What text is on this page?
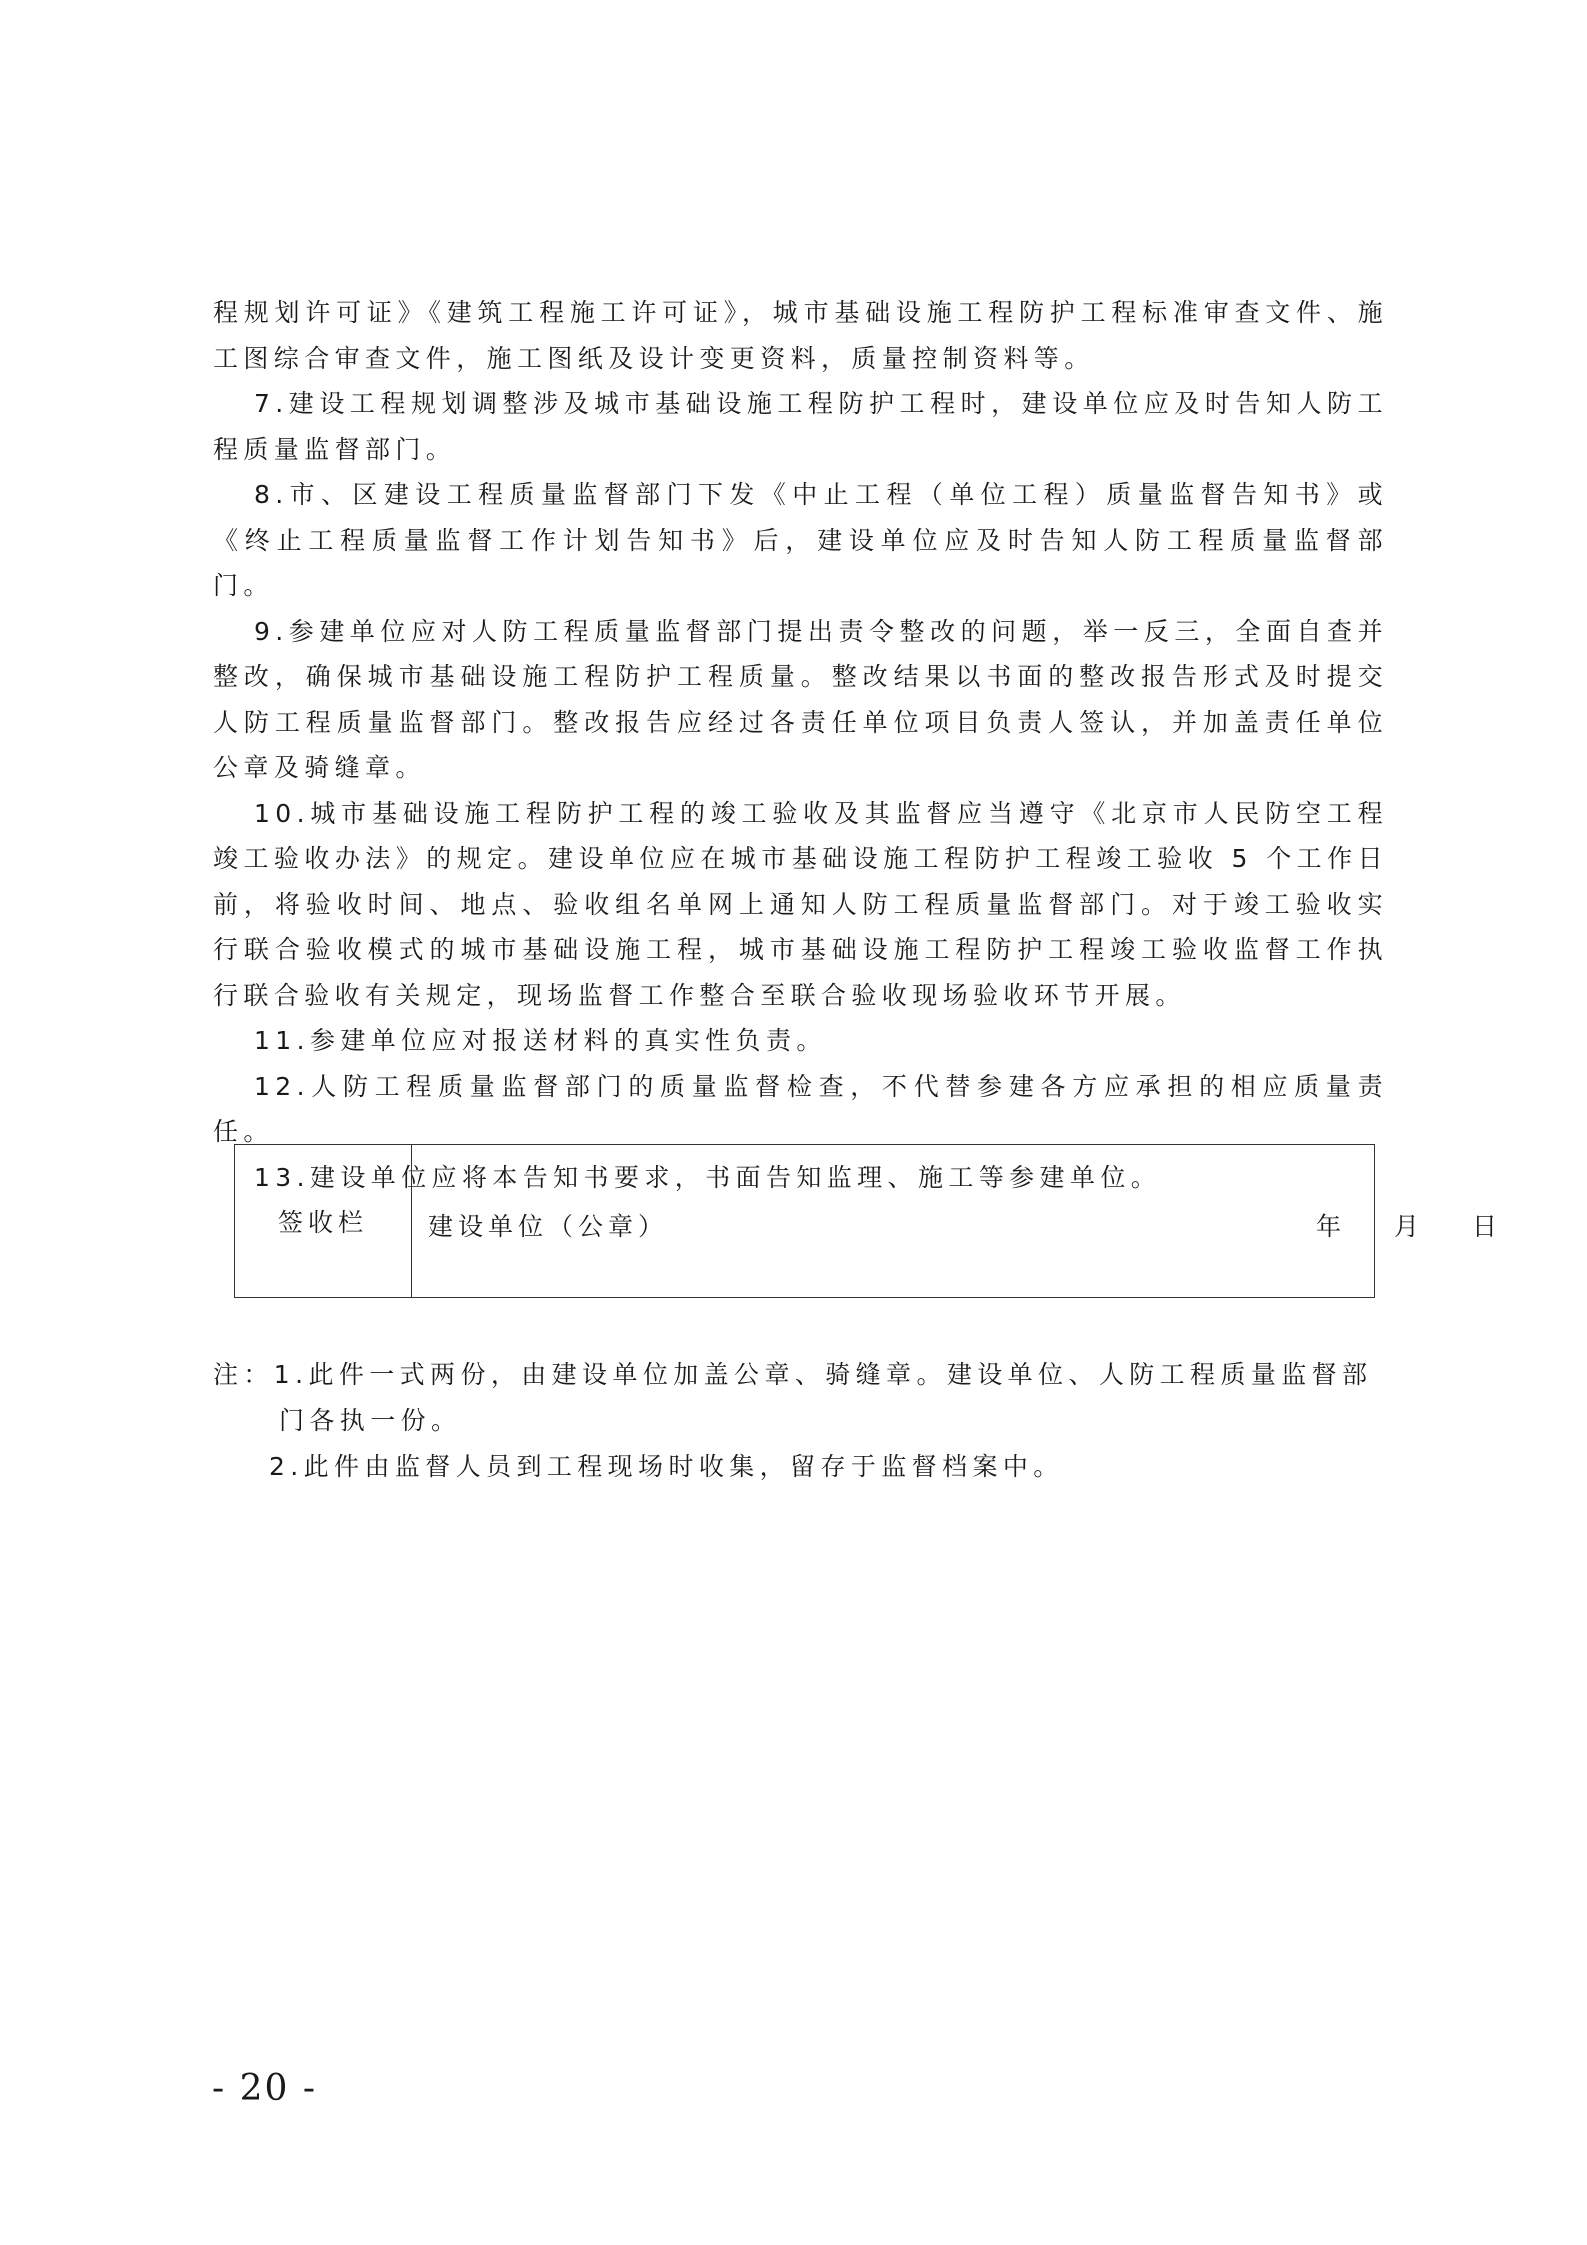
程规划许可证》《建筑工程施工许可证》，城市基础设施工程防护工程标准审查文件、施工图综合审查文件，施工图纸及设计变更资料，质量控制资料等。

7.建设工程规划调整涉及城市基础设施工程防护工程时，建设单位应及时告知人防工程质量监督部门。

8.市、区建设工程质量监督部门下发《中止工程（单位工程）质量监督告知书》或《终止工程质量监督工作计划告知书》后，建设单位应及时告知人防工程质量监督部门。

9.参建单位应对人防工程质量监督部门提出责令整改的问题，举一反三，全面自查并整改，确保城市基础设施工程防护工程质量。整改结果以书面的整改报告形式及时提交人防工程质量监督部门。整改报告应经过各责任单位项目负责人签认，并加盖责任单位公章及骑缝章。

10.城市基础设施工程防护工程的竣工验收及其监督应当遵守《北京市人民防空工程竣工验收办法》的规定。建设单位应在城市基础设施工程防护工程竣工验收 5 个工作日前，将验收时间、地点、验收组名单网上通知人防工程质量监督部门。对于竣工验收实行联合验收模式的城市基础设施工程，城市基础设施工程防护工程竣工验收监督工作执行联合验收有关规定，现场监督工作整合至联合验收现场验收环节开展。

11.参建单位应对报送材料的真实性负责。

12.人防工程质量监督部门的质量监督检查，不代替参建各方应承担的相应质量责任。

13.建设单位应将本告知书要求，书面告知监理、施工等参建单位。

签收栏	建设单位（公章）	年 月 日

注：1.此件一式两份，由建设单位加盖公章、骑缝章。建设单位、人防工程质量监督部门各执一份。

2.此件由监督人员到工程现场时收集，留存于监督档案中。

- 20 -
